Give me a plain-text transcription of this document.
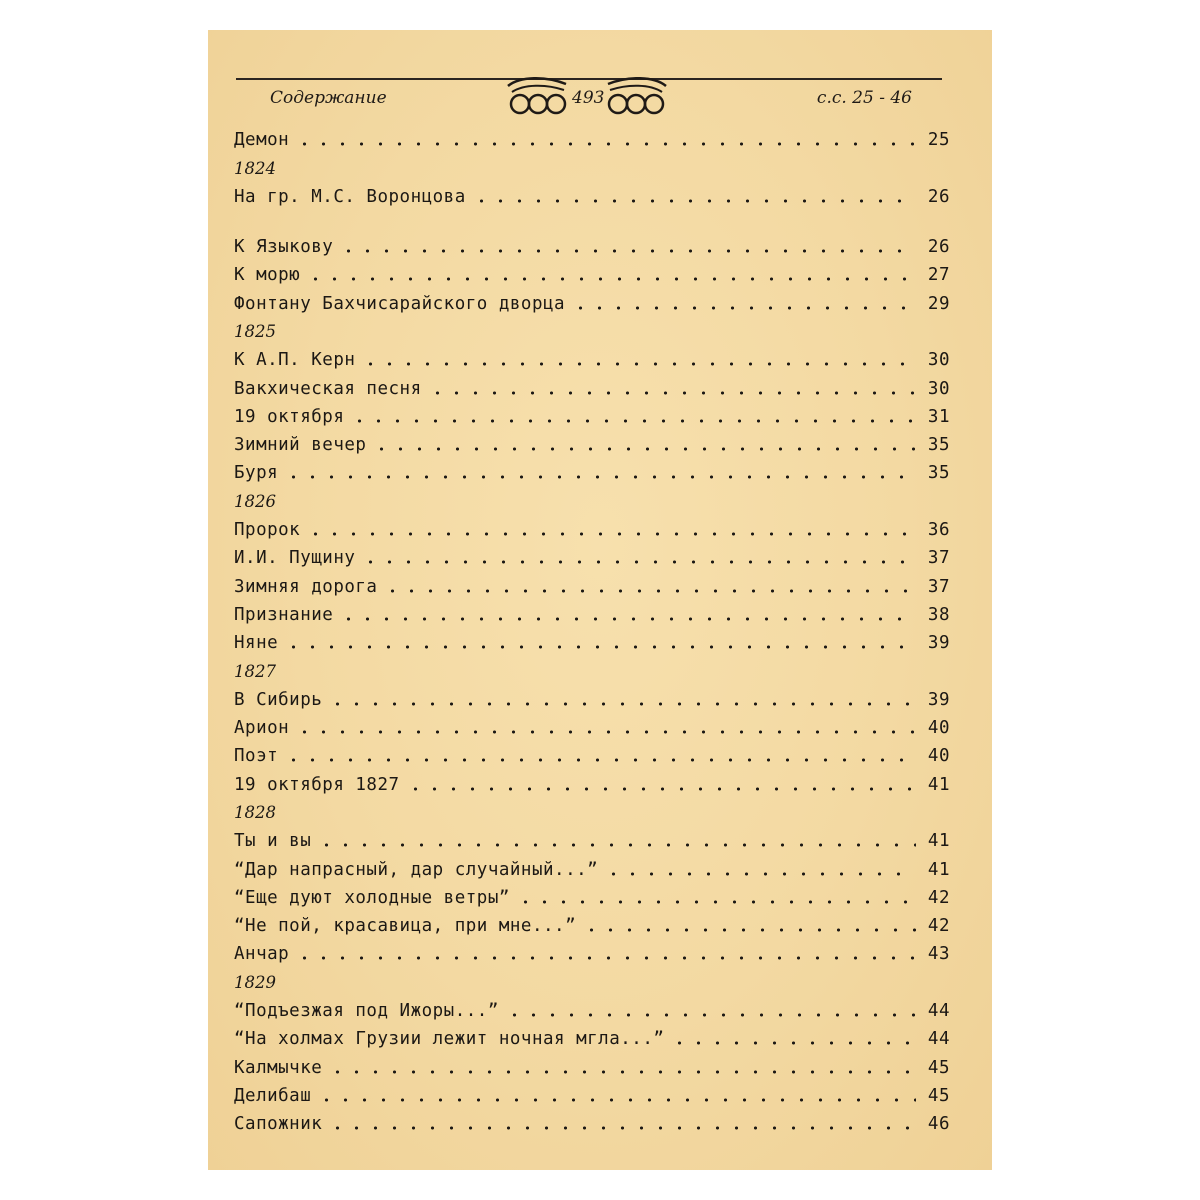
Содержание	493	с.с. 25 - 46
Демон	25
1824
На гр. М.С. Воронцова	26
К Языкову	26
К морю	27
Фонтану Бахчисарайского дворца	29
1825
К А.П. Керн	30
Вакхическая песня	30
19 октября	31
Зимний вечер	35
Буря	35
1826
Пророк	36
И.И. Пущину	37
Зимняя дорога	37
Признание	38
Няне	39
1827
В Сибирь	39
Арион	40
Поэт	40
19 октября 1827	41
1828
Ты и вы	41
“Дар напрасный, дар случайный...”	41
“Еще дуют холодные ветры”	42
“Не пой, красавица, при мне...”	42
Анчар	43
1829
“Подъезжая под Ижоры...”	44
“На холмах Грузии лежит ночная мгла...”	44
Калмычке	45
Делибаш	45
Сапожник	46
